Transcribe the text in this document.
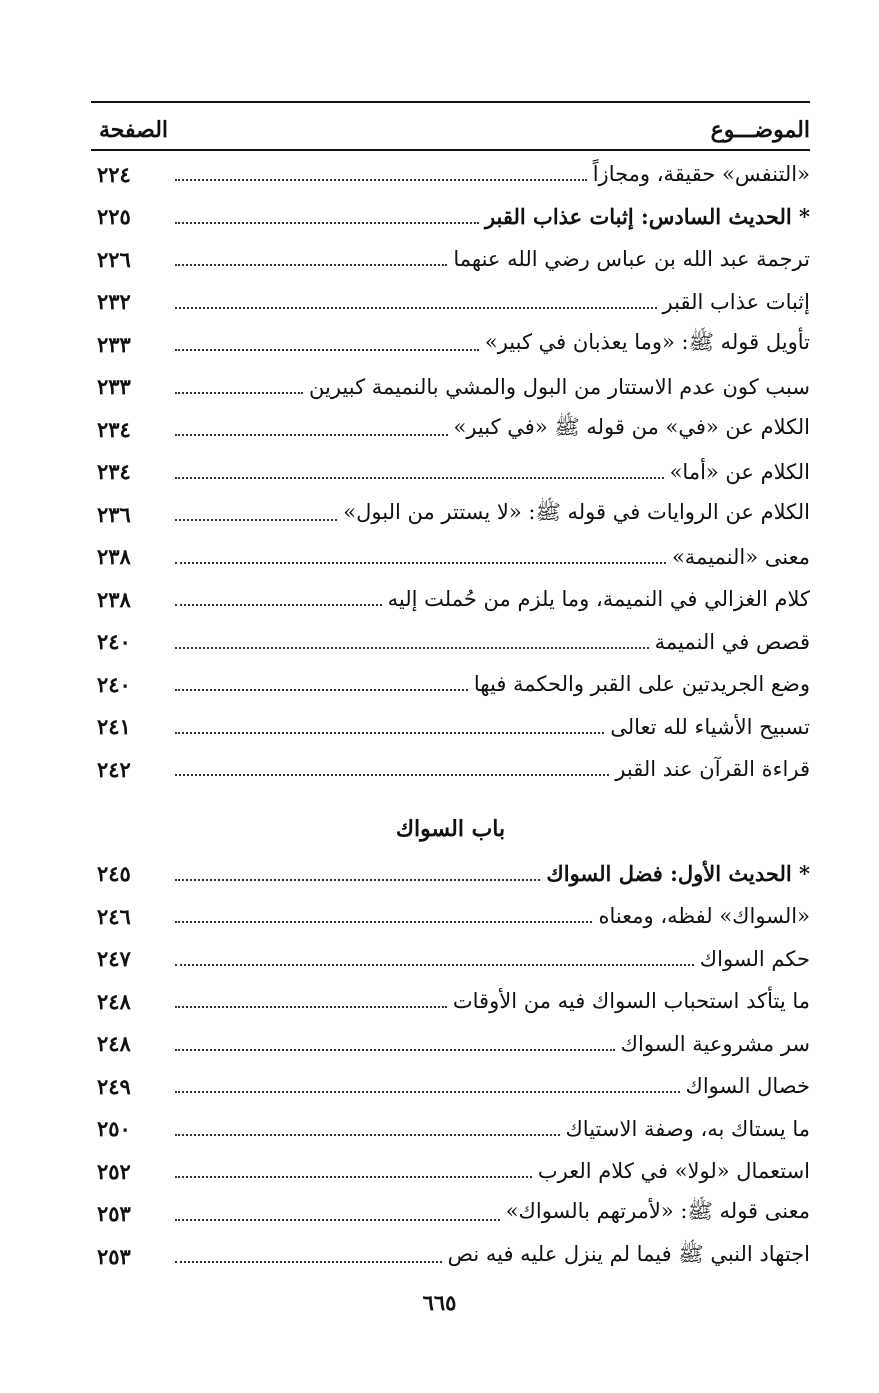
الموضـــوع
الصفحة
«التنفس» حقيقة، ومجازاً
٢٢٤
* الحديث السادس: إثبات عذاب القبر
٢٢٥
ترجمة عبد الله بن عباس رضي الله عنهما
٢٢٦
إثبات عذاب القبر
٢٣٢
تأويل قوله ﷺ: «وما يعذبان في كبير»
٢٣٣
سبب كون عدم الاستتار من البول والمشي بالنميمة كبيرين
٢٣٣
الكلام عن «في» من قوله ﷺ «في كبير»
٢٣٤
الكلام عن «أما»
٢٣٤
الكلام عن الروايات في قوله ﷺ: «لا يستتر من البول»
٢٣٦
معنى «النميمة»
٢٣٨
كلام الغزالي في النميمة، وما يلزم من حُملت إليه
٢٣٨
قصص في النميمة
٢٤٠
وضع الجريدتين على القبر والحكمة فيها
٢٤٠
تسبيح الأشياء لله تعالى
٢٤١
قراءة القرآن عند القبر
٢٤٢
باب السواك
* الحديث الأول: فضل السواك
٢٤٥
«السواك» لفظه، ومعناه
٢٤٦
حكم السواك
٢٤٧
ما يتأكد استحباب السواك فيه من الأوقات
٢٤٨
سر مشروعية السواك
٢٤٨
خصال السواك
٢٤٩
ما يستاك به، وصفة الاستياك
٢٥٠
استعمال «لولا» في كلام العرب
٢٥٢
معنى قوله ﷺ: «لأمرتهم بالسواك»
٢٥٣
اجتهاد النبي ﷺ فيما لم ينزل عليه فيه نص
٢٥٣
٦٦٥
